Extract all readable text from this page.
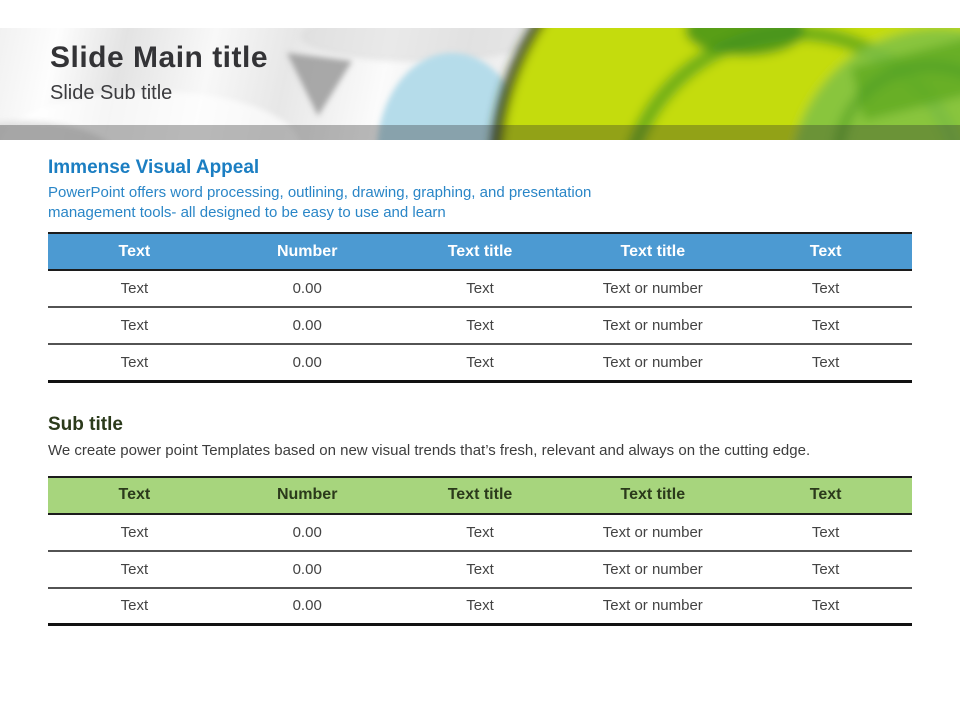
Slide Main title
Slide Sub title
Immense Visual Appeal

PowerPoint offers word processing, outlining, drawing, graphing, and presentation management tools- all designed to be easy to use and learn

Text	Number	Text title	Text title	Text
Text	0.00	Text	Text or number	Text
Text	0.00	Text	Text or number	Text
Text	0.00	Text	Text or number	Text
Sub title

We create power point Templates based on new visual trends that’s fresh, relevant and always on the cutting edge.

Text	Number	Text title	Text title	Text
Text	0.00	Text	Text or number	Text
Text	0.00	Text	Text or number	Text
Text	0.00	Text	Text or number	Text
